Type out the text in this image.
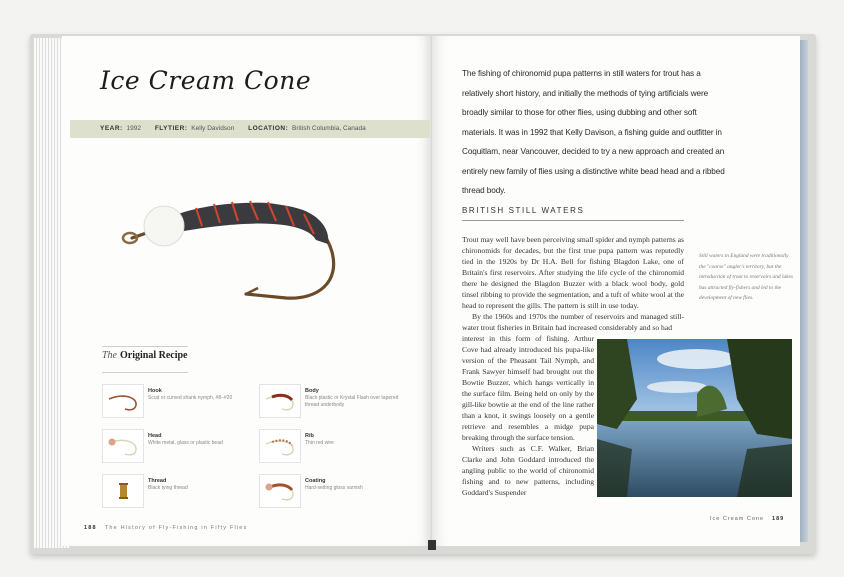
Ice Cream Cone
YEAR: 1992 FLYTIER: Kelly Davidson LOCATION: British Columbia, Canada
The Original Recipe
Hook
Scud or curved shank nymph, #8–#20
Body
Black plastic or Krystal Flash over tapered thread underbody
Head
White metal, glass or plastic bead
Rib
Thin red wire
Thread
Black tying thread
Coating
Hard-setting gloss varnish
188 The History of Fly-Fishing in Fifty Flies

The fishing of chironomid pupa patterns in still waters for trout has a relatively short history, and initially the methods of tying artificials were broadly similar to those for other flies, using dubbing and other soft materials. It was in 1992 that Kelly Davison, a fishing guide and outfitter in Coquitlam, near Vancouver, decided to try a new approach and created an entirely new family of flies using a distinctive white bead head and a ribbed thread body.

BRITISH STILL WATERS

Trout may well have been perceiving small spider and nymph patterns as chironomids for decades, but the first true pupa pattern was reputedly tied in the 1920s by Dr H.A. Bell for fishing Blagdon Lake, one of Britain's first reservoirs. After studying the life cycle of the chironomid there he designed the Blagdon Buzzer with a black wool body, gold tinsel ribbing to provide the segmentation, and a tuft of white wool at the head to represent the gills. The pattern is still in use today.

By the 1960s and 1970s the number of reservoirs and managed still-water trout fisheries in Britain had increased considerably and so had

interest in this form of fishing. Arthur Cove had already introduced his pupa-like version of the Pheasant Tail Nymph, and Frank Sawyer himself had brought out the Bowtie Buzzer, which hangs vertically in the surface film. Being held on only by the gill-like bowtie at the end of the line rather than a knot, it swings loosely on a gentle retrieve and resembles a midge pupa breaking through the surface tension.

Writers such as C.F. Walker, Brian Clarke and John Goddard introduced the angling public to the world of chironomid fishing and to new patterns, including Goddard's Suspender

Still waters in England were traditionally the "coarse" angler's territory, but the introduction of trout to reservoirs and lakes has attracted fly-fishers and led to the development of new flies.
Ice Cream Cone 189
